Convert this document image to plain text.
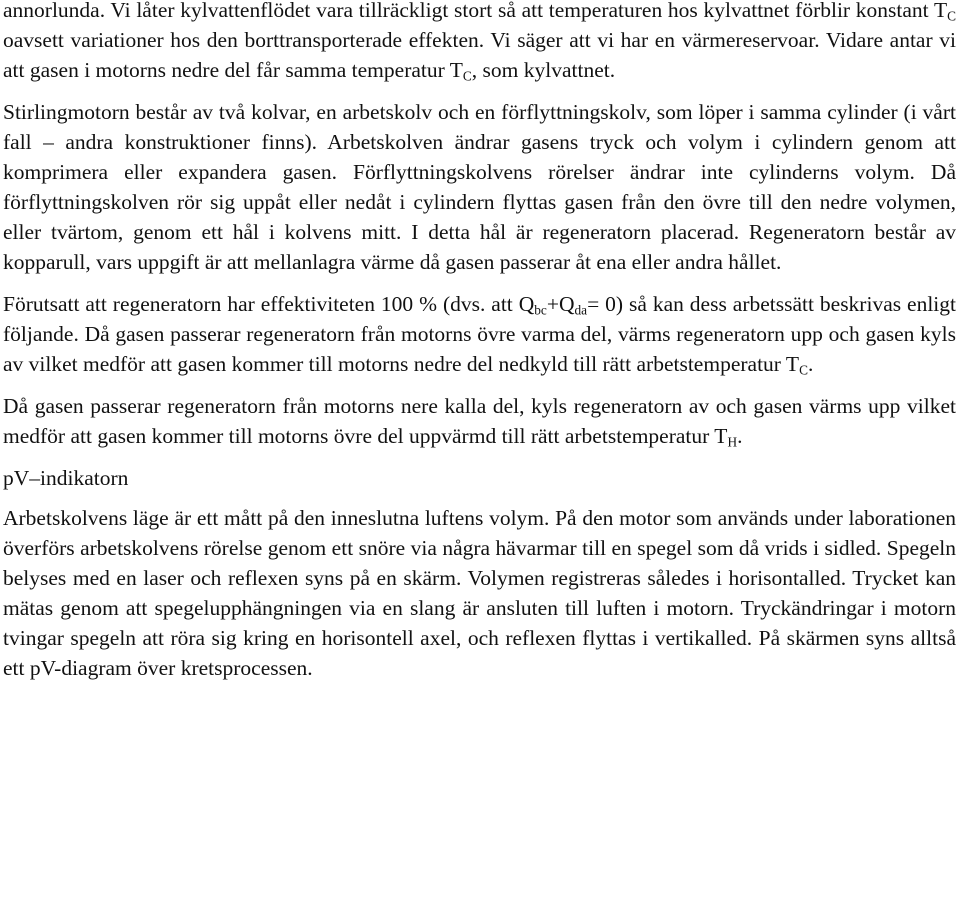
annorlunda. Vi låter kylvattenflödet vara tillräckligt stort så att temperaturen hos kylvattnet förblir konstant $T_C$ oavsett variationer hos den borttransporterade effekten. Vi säger att vi har en värmereservoar. Vidare antar vi att gasen i motorns nedre del får samma temperatur $T_C$, som kylvattnet.

Stirlingmotorn består av två kolvar, en arbetskolv och en förflyttningskolv, som löper i samma cylinder (i vårt fall – andra konstruktioner finns). Arbetskolven ändrar gasens tryck och volym i cylindern genom att komprimera eller expandera gasen. Förflyttningskolvens rörelser ändrar inte cylinderns volym. Då förflyttningskolven rör sig uppåt eller nedåt i cylindern flyttas gasen från den övre till den nedre volymen, eller tvärtom, genom ett hål i kolvens mitt. I detta hål är regeneratorn placerad. Regeneratorn består av kopparull, vars uppgift är att mellanlagra värme då gasen passerar åt ena eller andra hållet.

Förutsatt att regeneratorn har effektiviteten 100 % (dvs. att $Q_{bc}+Q_{da}= 0$) så kan dess arbetssätt beskrivas enligt följande. Då gasen passerar regeneratorn från motorns övre varma del, värms regeneratorn upp och gasen kyls av vilket medför att gasen kommer till motorns nedre del nedkyld till rätt arbetstemperatur $T_C$.

Då gasen passerar regeneratorn från motorns nere kalla del, kyls regeneratorn av och gasen värms upp vilket medför att gasen kommer till motorns övre del uppvärmd till rätt arbetstemperatur $T_H$.

pV–indikatorn

Arbetskolvens läge är ett mått på den inneslutna luftens volym. På den motor som används under laborationen överförs arbetskolvens rörelse genom ett snöre via några hävarmar till en spegel som då vrids i sidled. Spegeln belyses med en laser och reflexen syns på en skärm. Volymen registreras således i horisontalled. Trycket kan mätas genom att spegelupphängningen via en slang är ansluten till luften i motorn. Tryckändringar i motorn tvingar spegeln att röra sig kring en horisontell axel, och reflexen flyttas i vertikalled. På skärmen syns alltså ett pV-diagram över kretsprocessen.
